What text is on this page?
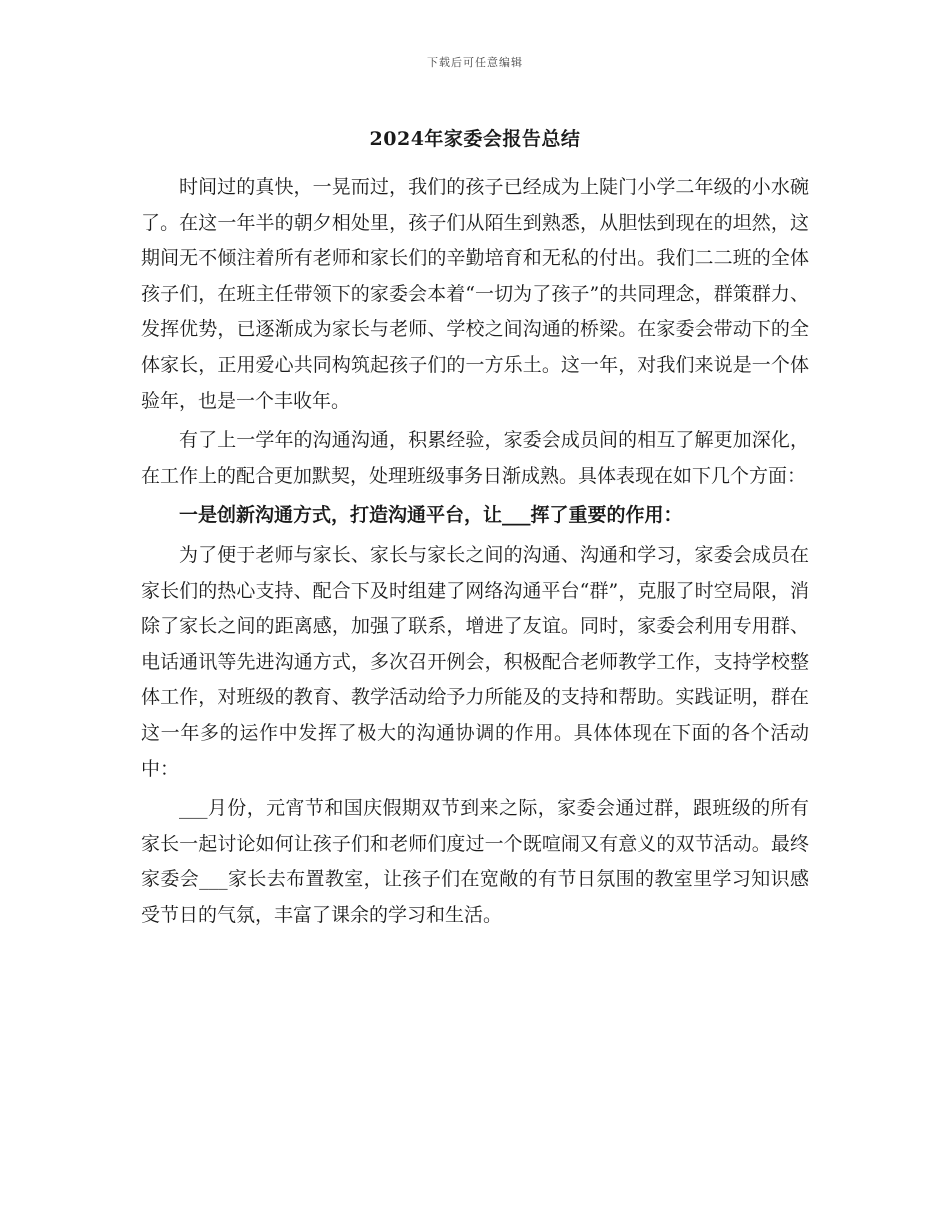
下载后可任意编辑
2024年家委会报告总结

时间过的真快，一晃而过，我们的孩子已经成为上陡门小学二年级的小水碗了。在这一年半的朝夕相处里，孩子们从陌生到熟悉，从胆怯到现在的坦然，这期间无不倾注着所有老师和家长们的辛勤培育和无私的付出。我们二二班的全体孩子们，在班主任带领下的家委会本着“一切为了孩子”的共同理念，群策群力、发挥优势，已逐渐成为家长与老师、学校之间沟通的桥梁。在家委会带动下的全体家长，正用爱心共同构筑起孩子们的一方乐土。这一年，对我们来说是一个体验年，也是一个丰收年。

有了上一学年的沟通沟通，积累经验，家委会成员间的相互了解更加深化，在工作上的配合更加默契，处理班级事务日渐成熟。具体表现在如下几个方面：

一是创新沟通方式，打造沟通平台，让___挥了重要的作用：

为了便于老师与家长、家长与家长之间的沟通、沟通和学习，家委会成员在家长们的热心支持、配合下及时组建了网络沟通平台“群”，克服了时空局限，消除了家长之间的距离感，加强了联系，增进了友谊。同时，家委会利用专用群、电话通讯等先进沟通方式，多次召开例会，积极配合老师教学工作，支持学校整体工作，对班级的教育、教学活动给予力所能及的支持和帮助。实践证明，群在这一年多的运作中发挥了极大的沟通协调的作用。具体体现在下面的各个活动中：

___月份，元宵节和国庆假期双节到来之际，家委会通过群，跟班级的所有家长一起讨论如何让孩子们和老师们度过一个既喧闹又有意义的双节活动。最终家委会___家长去布置教室，让孩子们在宽敞的有节日氛围的教室里学习知识感受节日的气氛，丰富了课余的学习和生活。
